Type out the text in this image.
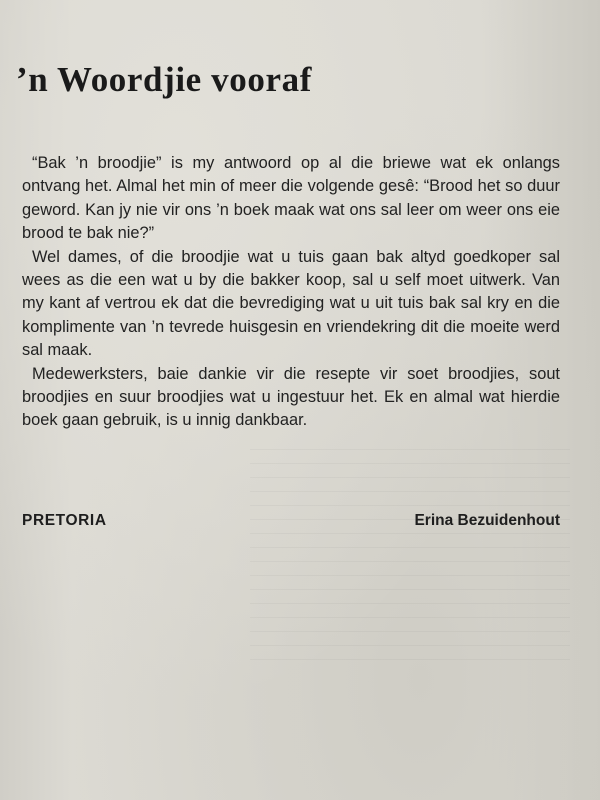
’n Woordjie vooraf

“Bak ’n broodjie” is my antwoord op al die briewe wat ek onlangs ontvang het. Almal het min of meer die volgende gesê: “Brood het so duur geword. Kan jy nie vir ons ’n boek maak wat ons sal leer om weer ons eie brood te bak nie?”

Wel dames, of die broodjie wat u tuis gaan bak altyd goedkoper sal wees as die een wat u by die bakker koop, sal u self moet uitwerk. Van my kant af vertrou ek dat die bevrediging wat u uit tuis bak sal kry en die komplimente van ’n tevrede huisgesin en vriendekring dit die moeite werd sal maak.

Medewerksters, baie dankie vir die resepte vir soet broodjies, sout broodjies en suur broodjies wat u ingestuur het. Ek en almal wat hierdie boek gaan gebruik, is u innig dankbaar.

PRETORIA	Erina Bezuidenhout
